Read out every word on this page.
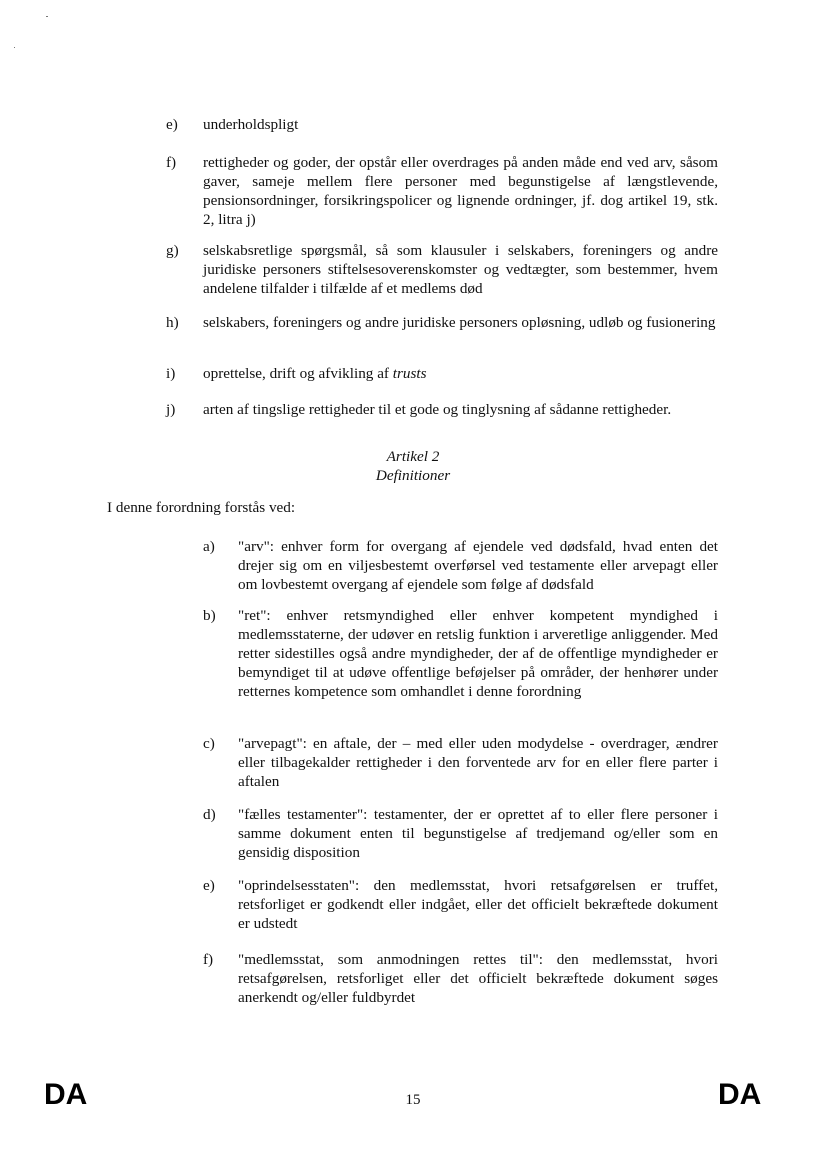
e) underholdspligt
f) rettigheder og goder, der opstår eller overdrages på anden måde end ved arv, såsom gaver, sameje mellem flere personer med begunstigelse af længstlevende, pensionsordninger, forsikringspolicer og lignende ordninger, jf. dog artikel 19, stk. 2, litra j)
g) selskabsretlige spørgsmål, så som klausuler i selskabers, foreningers og andre juridiske personers stiftelsesoverenskomster og vedtægter, som bestemmer, hvem andelene tilfalder i tilfælde af et medlems død
h) selskabers, foreningers og andre juridiske personers opløsning, udløb og fusionering
i) oprettelse, drift og afvikling af trusts
j) arten af tingslige rettigheder til et gode og tinglysning af sådanne rettigheder.
Artikel 2
Definitioner
I denne forordning forstås ved:
a) "arv": enhver form for overgang af ejendele ved dødsfald, hvad enten det drejer sig om en viljesbestemt overførsel ved testamente eller arvepagt eller om lovbestemt overgang af ejendele som følge af dødsfald
b) "ret": enhver retsmyndighed eller enhver kompetent myndighed i medlemsstaterne, der udøver en retslig funktion i arveretlige anliggender. Med retter sidestilles også andre myndigheder, der af de offentlige myndigheder er bemyndiget til at udøve offentlige beføjelser på områder, der henhører under retternes kompetence som omhandlet i denne forordning
c) "arvepagt": en aftale, der – med eller uden modydelse - overdrager, ændrer eller tilbagekalder rettigheder i den forventede arv for en eller flere parter i aftalen
d) "fælles testamenter": testamenter, der er oprettet af to eller flere personer i samme dokument enten til begunstigelse af tredjemand og/eller som en gensidig disposition
e) "oprindelsesstaten": den medlemsstat, hvori retsafgørelsen er truffet, retsforliget er godkendt eller indgået, eller det officielt bekræftede dokument er udstedt
f) "medlemsstat, som anmodningen rettes til": den medlemsstat, hvori retsafgørelsen, retsforliget eller det officielt bekræftede dokument søges anerkendt og/eller fuldbyrdet
DA	15	DA
